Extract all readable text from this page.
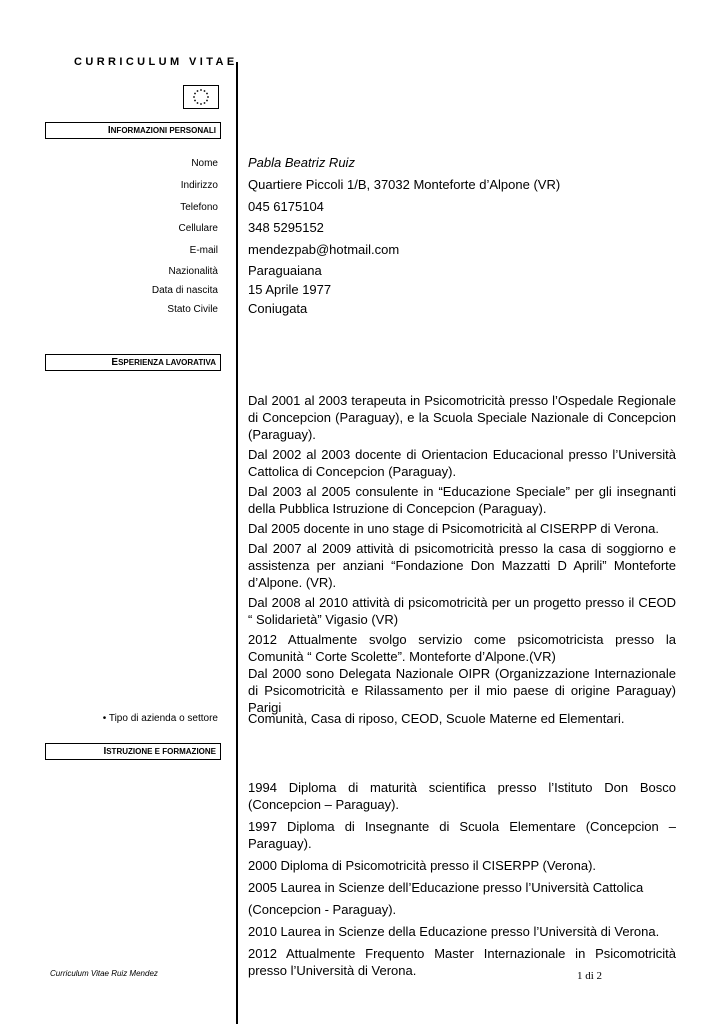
CURRICULUM VITAE
INFORMAZIONI PERSONALI
Nome Pabla Beatriz Ruiz
Indirizzo Quartiere Piccoli 1/B, 37032 Monteforte d’Alpone (VR)
Telefono 045 6175104
Cellulare 348 5295152
E-mail mendezpab@hotmail.com
Nazionalità Paraguaiana
Data di nascita 15 Aprile 1977
Stato Civile Coniugata
ESPERIENZA LAVORATIVA
Dal 2001 al 2003 terapeuta in Psicomotricità presso l’Ospedale Regionale di Concepcion (Paraguay), e la Scuola Speciale Nazionale di Concepcion (Paraguay).
Dal 2002 al 2003 docente di Orientacion Educacional presso l’Università Cattolica di Concepcion (Paraguay).
Dal 2003 al 2005 consulente in “Educazione Speciale” per gli insegnanti della Pubblica Istruzione di Concepcion (Paraguay).
Dal 2005 docente in uno stage di Psicomotricità al CISERPP di Verona.
Dal 2007 al 2009 attività di psicomotricità presso la casa di soggiorno e assistenza per anziani “Fondazione Don Mazzatti D Aprili” Monteforte d’Alpone. (VR).
Dal 2008 al 2010 attività di psicomotricità per un progetto presso il CEOD “ Solidarietà” Vigasio (VR)
2012 Attualmente svolgo servizio come psicomotricista presso la Comunità “ Corte Scolette”. Monteforte d’Alpone.(VR)
Dal 2000 sono Delegata Nazionale OIPR (Organizzazione Internazionale di Psicomotricità e Rilassamento per il mio paese di origine Paraguay) Parigi
• Tipo di azienda o settore Comunità, Casa di riposo, CEOD, Scuole Materne ed Elementari.
ISTRUZIONE E FORMAZIONE
1994 Diploma di maturità scientifica presso l’Istituto Don Bosco (Concepcion – Paraguay).
1997 Diploma di Insegnante di Scuola Elementare (Concepcion – Paraguay).
2000 Diploma di Psicomotricità presso il CISERPP (Verona).
2005 Laurea in Scienze dell’Educazione presso l’Università Cattolica
(Concepcion - Paraguay).
2010 Laurea in Scienze della Educazione presso l’Università di Verona.
2012 Attualmente Frequento Master Internazionale in Psicomotricità presso l’Università di Verona.
Curriculum Vitae Ruiz Mendez	1 di 2
